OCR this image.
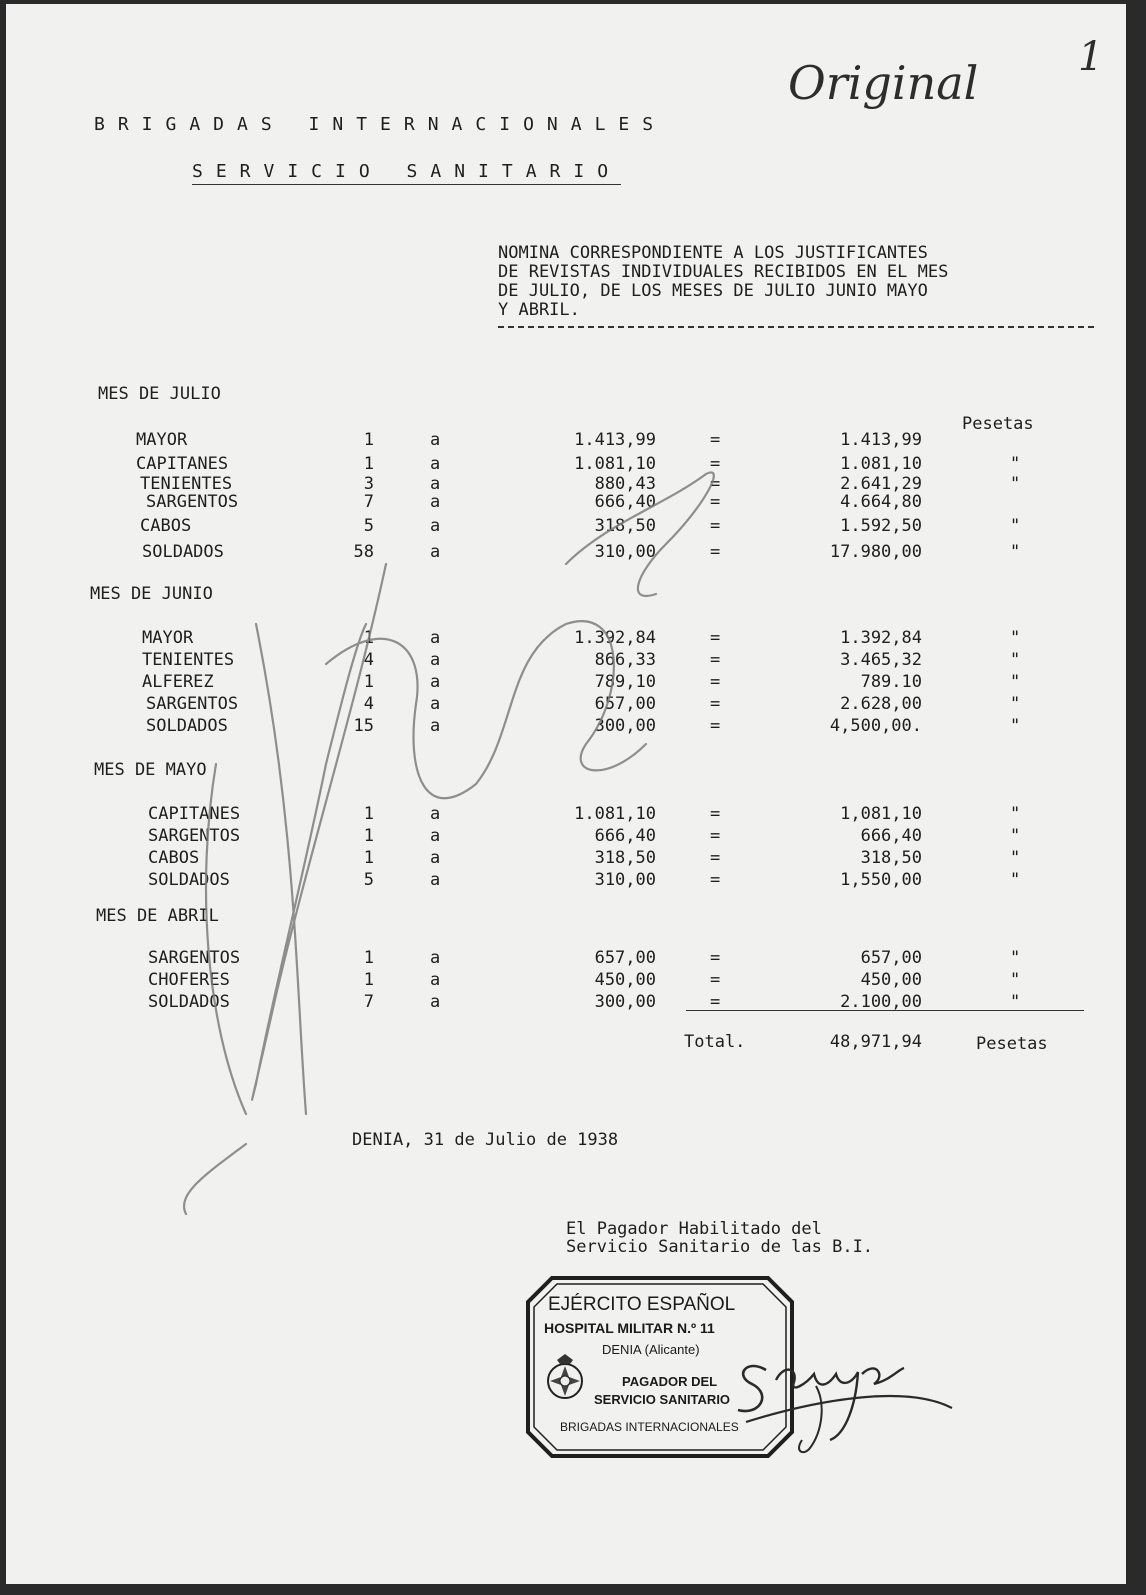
Original 1
BRIGADAS INTERNACIONALES
SERVICIO SANITARIO
NOMINA CORRESPONDIENTE A LOS JUSTIFICANTES
DE REVISTAS INDIVIDUALES RECIBIDOS EN EL MES
DE JULIO, DE LOS MESES DE JULIO JUNIO MAYO
Y ABRIL.
MES DE JULIO
MAYOR	1	a	1.413,99	=	1.413,99
Pesetas
CAPITANES	1	a	1.081,10	=	1.081,10	"
TENIENTES	3	a	880,43	=	2.641,29	"
SARGENTOS	7	a	666,40	=	4.664,80
CABOS	5	a	318,50	=	1.592,50	"
SOLDADOS	58	a	310,00	=	17.980,00	"
MES DE JUNIO
MAYOR	1	a	1.392,84	=	1.392,84	"
TENIENTES	4	a	866,33	=	3.465,32	"
ALFEREZ	1	a	789,10	=	789.10	"
SARGENTOS	4	a	657,00	=	2.628,00	"
SOLDADOS	15	a	300,00	=	4,500,00.	"
MES DE MAYO
CAPITANES	1	a	1.081,10	=	1,081,10	"
SARGENTOS	1	a	666,40	=	666,40	"
CABOS	1	a	318,50	=	318,50	"
SOLDADOS	5	a	310,00	=	1,550,00	"
MES DE ABRIL
SARGENTOS	1	a	657,00	=	657,00	"
CHOFERES	1	a	450,00	=	450,00	"
SOLDADOS	7	a	300,00	=	2.100,00	"
Total.	48,971,94	Pesetas
DENIA, 31 de Julio de 1938
El Pagador Habilitado del
Servicio Sanitario de las B.I.
EJÉRCITO ESPAÑOL
HOSPITAL MILITAR N.º 11
DENIA (Alicante)
PAGADOR DEL
SERVICIO SANITARIO
BRIGADAS INTERNACIONALES
